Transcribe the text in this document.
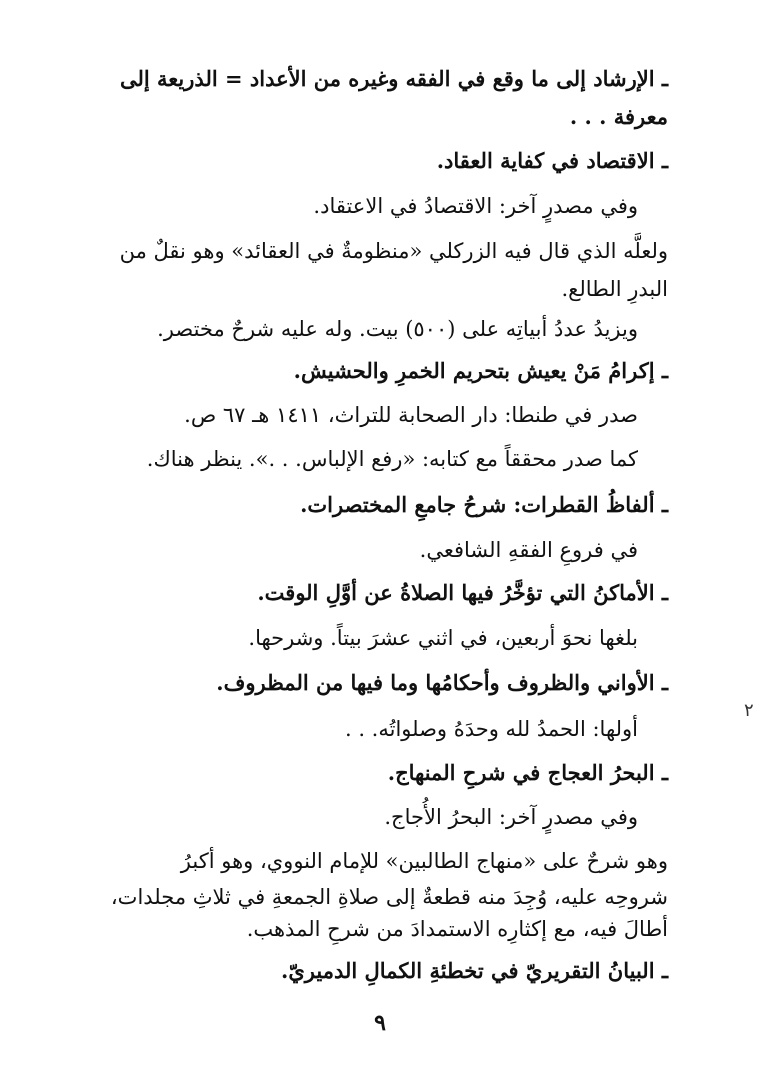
ـ الإرشاد إلى ما وقع في الفقه وغيره من الأعداد = الذريعة إلى
معرفة . . .
ـ الاقتصاد في كفاية العقاد.
وفي مصدرٍ آخر: الاقتصادُ في الاعتقاد.
ولعلَّه الذي قال فيه الزركلي «منظومةٌ في العقائد» وهو نقلٌ من
البدرِ الطالع.
ويزيدُ عددُ أبياتِه على (٥٠٠) بيت. وله عليه شرحٌ مختصر.
ـ إكرامُ مَنْ يعيش بتحريم الخمرِ والحشيش.
صدر في طنطا: دار الصحابة للتراث، ١٤١١ هـ ٦٧ ص.
كما صدر محققاً مع كتابه: «رفع الإلباس. . .». ينظر هناك.
ـ ألفاظُ القطرات: شرحُ جامعِ المختصرات.
في فروعِ الفقهِ الشافعي.
ـ الأماكنُ التي تؤخَّرُ فيها الصلاةُ عن أوَّلِ الوقت.
بلغها نحوَ أربعين، في اثني عشرَ بيتاً. وشرحها.
ـ الأواني والظروف وأحكامُها وما فيها من المظروف.
أولها: الحمدُ لله وحدَهُ وصلواتُه. . .
ـ البحرُ العجاج في شرحِ المنهاج.
وفي مصدرٍ آخر: البحرُ الأُجاج.
وهو شرحٌ على «منهاج الطالبين» للإمام النووي، وهو أكبرُ
شروحِه عليه، وُجِدَ منه قطعةٌ إلى صلاةِ الجمعةِ في ثلاثِ مجلدات،
أطالَ فيه، مع إكثارِه الاستمدادَ من شرحِ المذهب.
ـ البيانُ التقريريّ في تخطئةِ الكمالِ الدميريّ.
٢
٩
